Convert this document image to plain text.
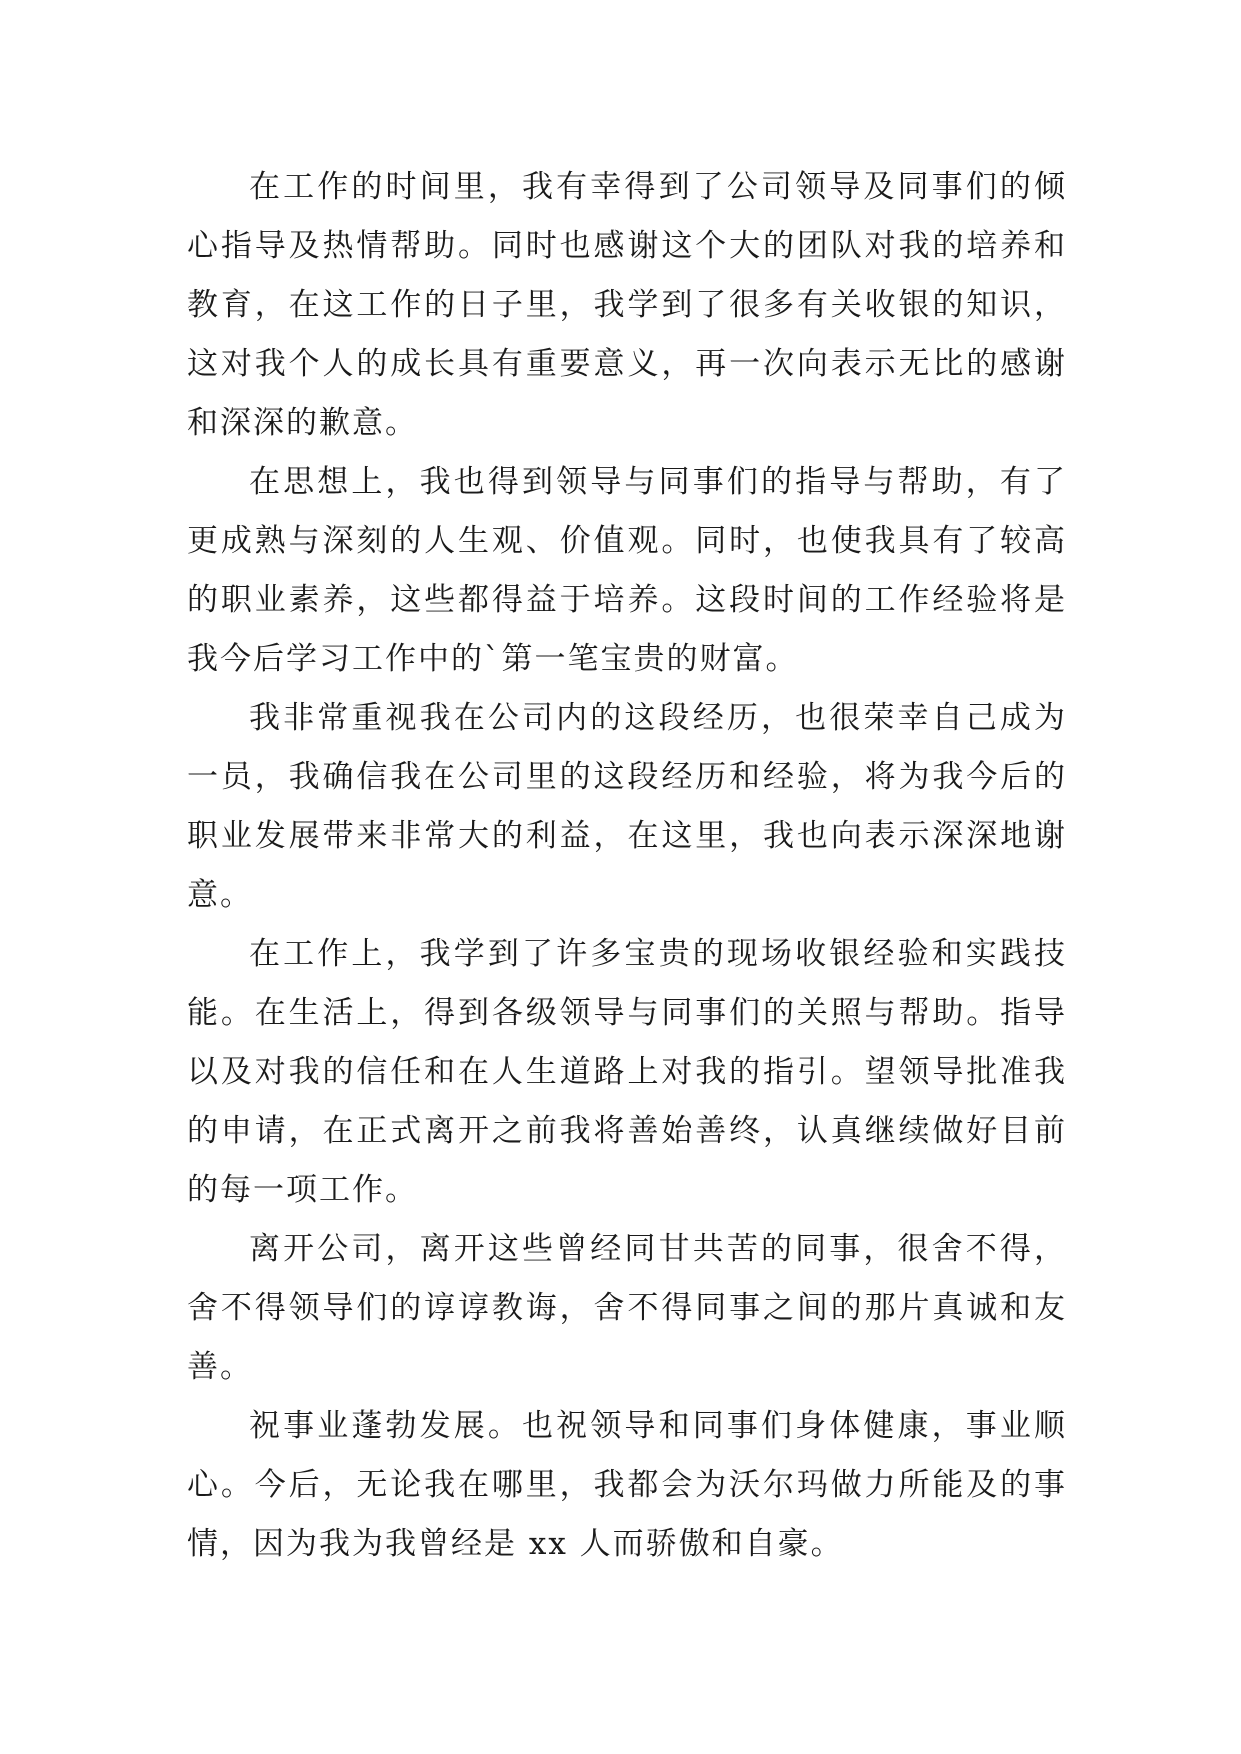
在工作的时间里，我有幸得到了公司领导及同事们的倾心指导及热情帮助。同时也感谢这个大的团队对我的培养和教育，在这工作的日子里，我学到了很多有关收银的知识，这对我个人的成长具有重要意义，再一次向表示无比的感谢和深深的歉意。

在思想上，我也得到领导与同事们的指导与帮助，有了更成熟与深刻的人生观、价值观。同时，也使我具有了较高的职业素养，这些都得益于培养。这段时间的工作经验将是我今后学习工作中的`第一笔宝贵的财富。

我非常重视我在公司内的这段经历，也很荣幸自己成为一员，我确信我在公司里的这段经历和经验，将为我今后的职业发展带来非常大的利益，在这里，我也向表示深深地谢意。

在工作上，我学到了许多宝贵的现场收银经验和实践技能。在生活上，得到各级领导与同事们的关照与帮助。指导以及对我的信任和在人生道路上对我的指引。望领导批准我的申请，在正式离开之前我将善始善终，认真继续做好目前的每一项工作。

离开公司，离开这些曾经同甘共苦的同事，很舍不得，舍不得领导们的谆谆教诲，舍不得同事之间的那片真诚和友善。

祝事业蓬勃发展。也祝领导和同事们身体健康，事业顺心。今后，无论我在哪里，我都会为沃尔玛做力所能及的事情，因为我为我曾经是 xx 人而骄傲和自豪。
